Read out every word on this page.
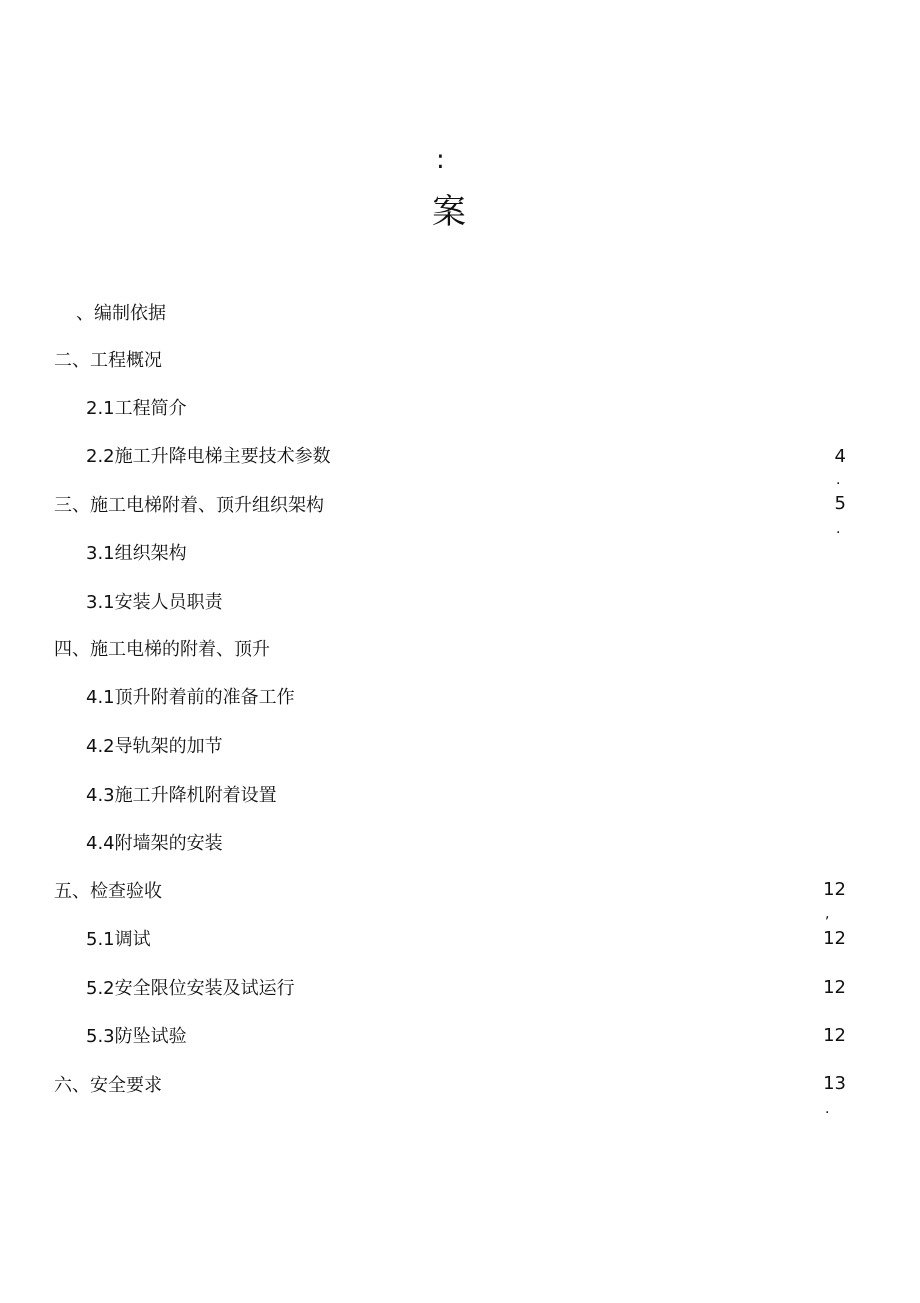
:
案
、编制依据
二、工程概况
2.1工程简介
2.2施工升降电梯主要技术参数	4
.
三、施工电梯附着、顶升组织架构	5
.
3.1组织架构
3.1安装人员职责
四、施工电梯的附着、顶升
4.1顶升附着前的准备工作
4.2导轨架的加节
4.3施工升降机附着设置
4.4附墙架的安装
五、检查验收	12
,
5.1调试	12
5.2安全限位安装及试运行	12
5.3防坠试验	12
六、安全要求	13
.
